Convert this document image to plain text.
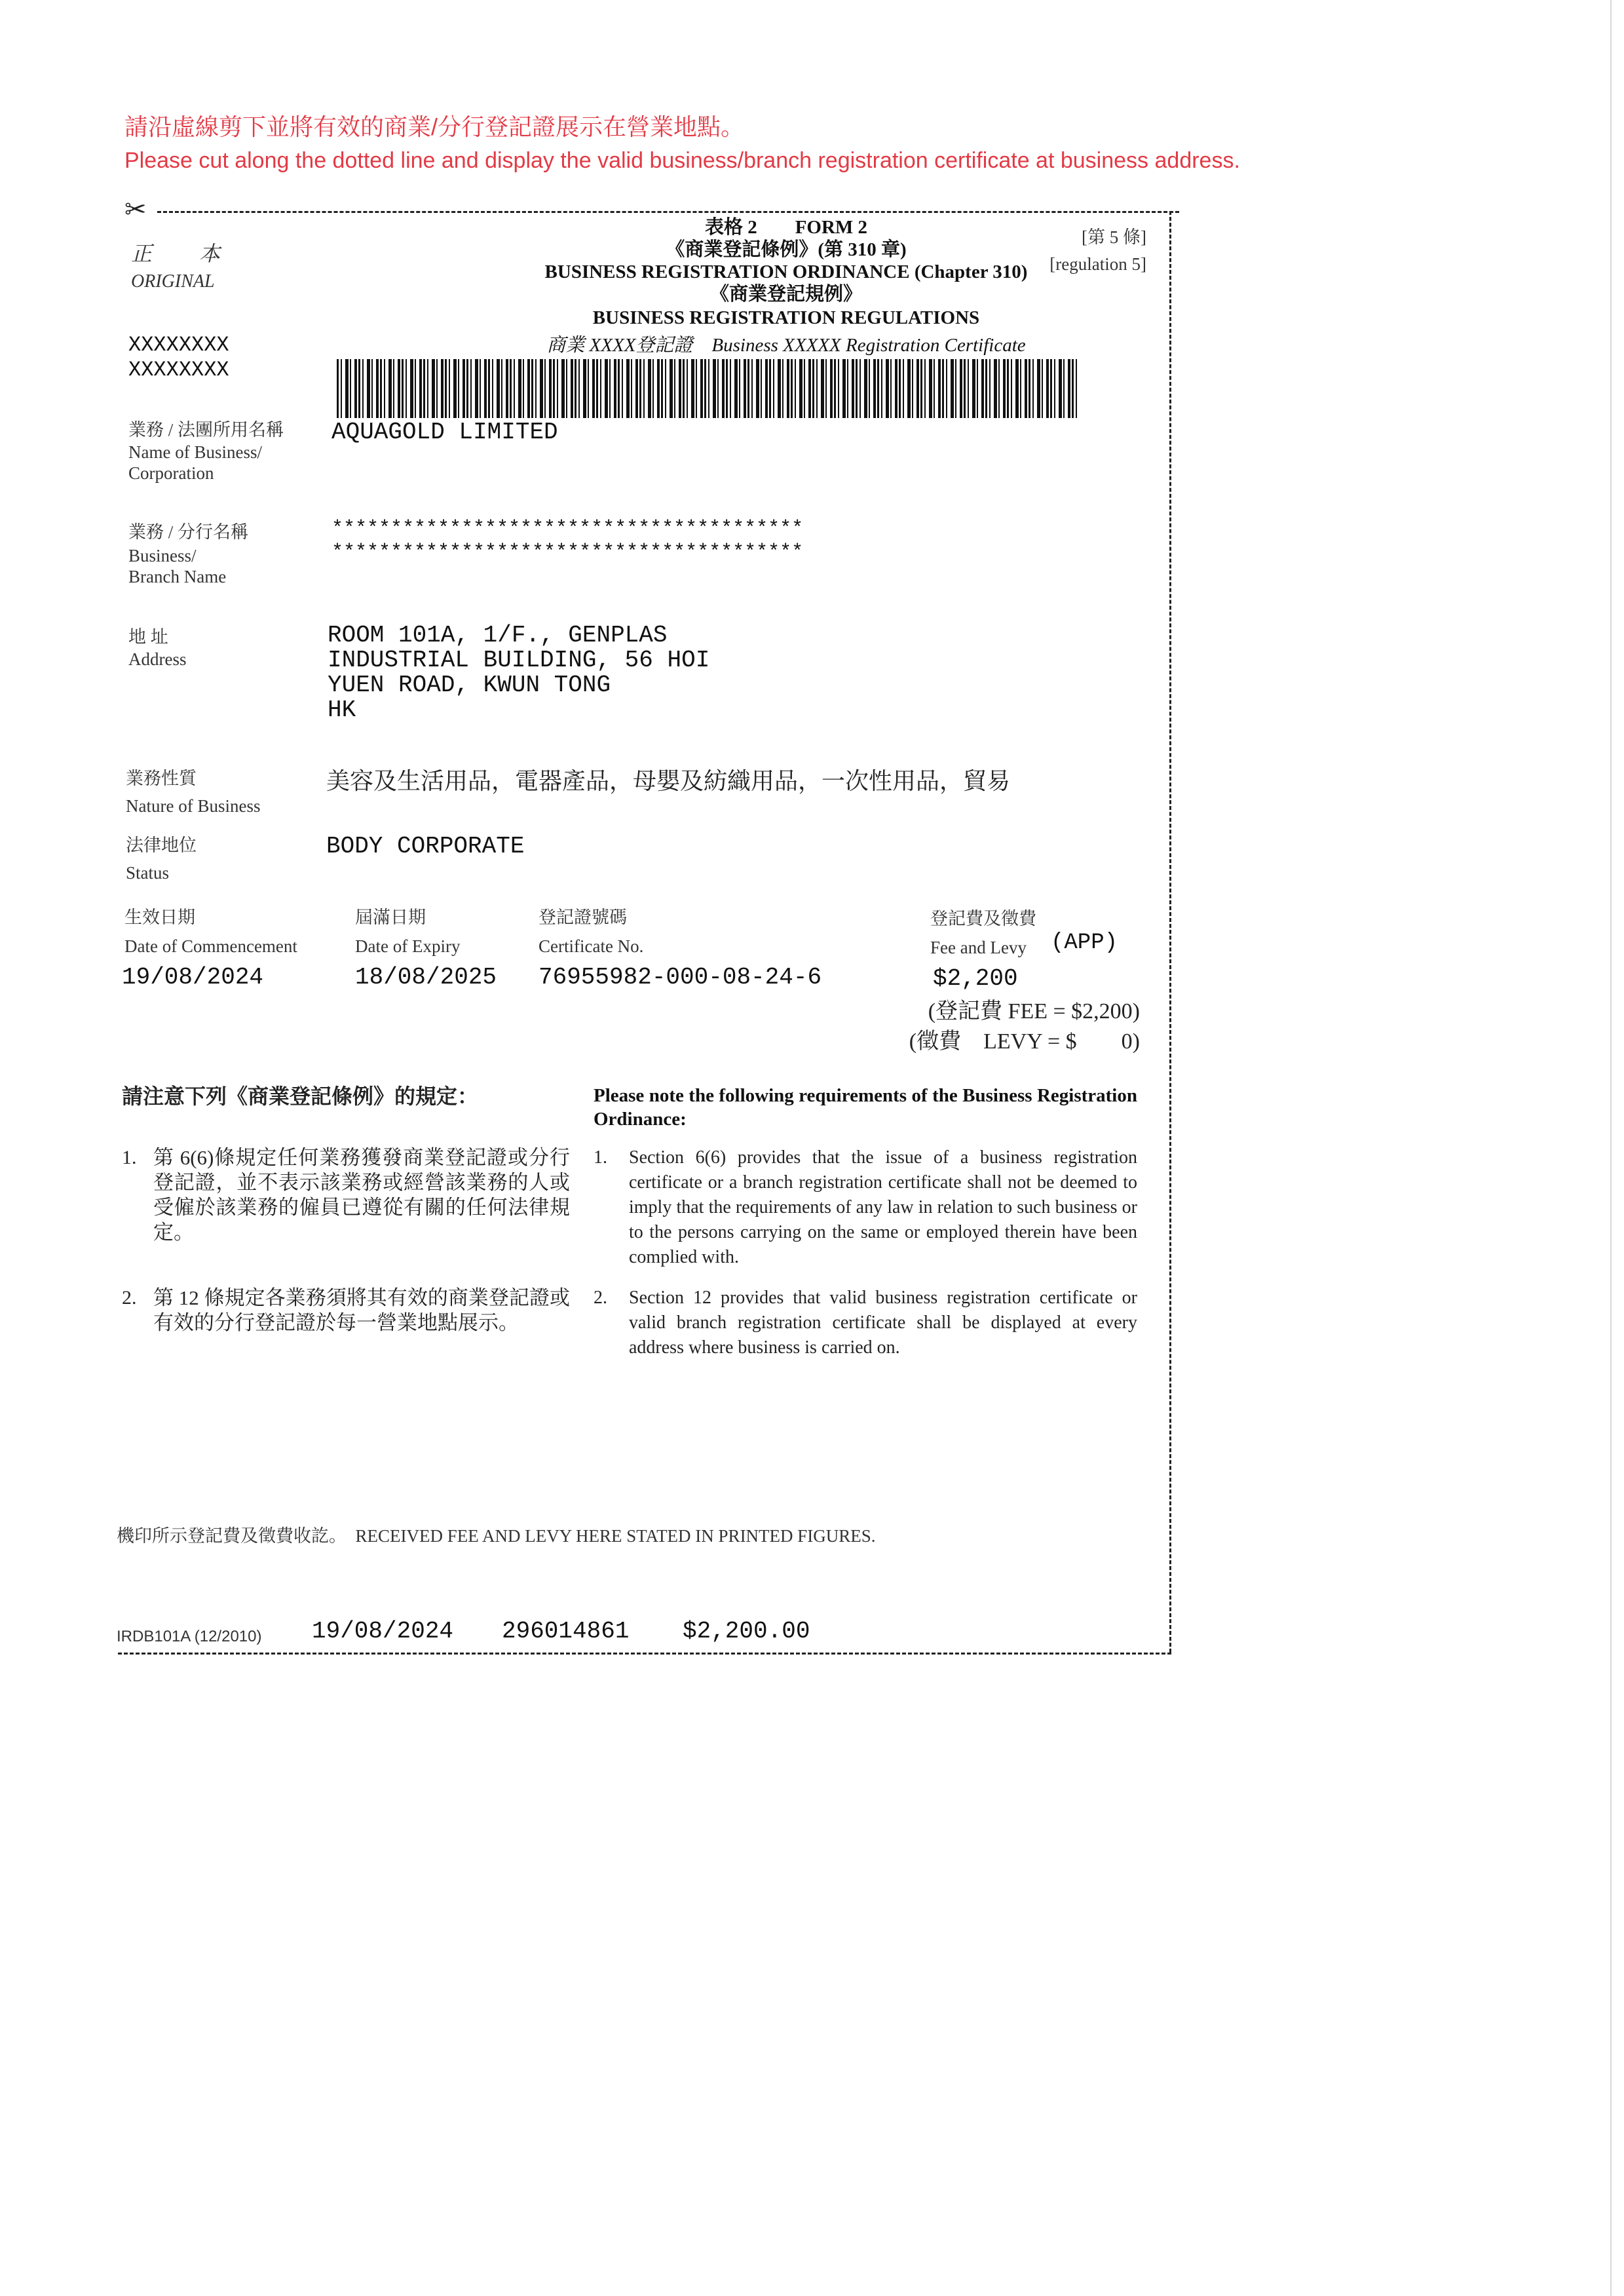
請沿虛線剪下並將有效的商業/分行登記證展示在營業地點。
Please cut along the dotted line and display the valid business/branch registration certificate at business address.
✂
正　本
ORIGINAL
XXXXXXXX
XXXXXXXX
表格 2　　FORM 2
《商業登記條例》(第 310 章)
BUSINESS REGISTRATION ORDINANCE (Chapter 310)
《商業登記規例》
BUSINESS REGISTRATION REGULATIONS
商業 XXXX登記證　Business XXXXX Registration Certificate
[第 5 條]
[regulation 5]
業務 / 法團所用名稱
Name of Business/
Corporation
AQUAGOLD LIMITED
業務 / 分行名稱
Business/
Branch Name
****************************************
****************************************
地 址
Address
ROOM 101A, 1/F., GENPLAS
INDUSTRIAL BUILDING, 56 HOI
YUEN ROAD, KWUN TONG
HK
業務性質
Nature of Business
美容及生活用品，電器產品，母嬰及紡織用品，一次性用品，貿易
法律地位
Status
BODY CORPORATE
生效日期
Date of Commencement
19/08/2024
屆滿日期
Date of Expiry
18/08/2025
登記證號碼
Certificate No.
76955982-000-08-24-6
登記費及徵費
Fee and Levy (APP)
$2,200
(登記費 FEE = $2,200)
(徵費　LEVY = $　　0)
請注意下列《商業登記條例》的規定：
1. 第 6(6)條規定任何業務獲發商業登記證或分行登記證，並不表示該業務或經營該業務的人或受僱於該業務的僱員已遵從有關的任何法律規定。
2. 第 12 條規定各業務須將其有效的商業登記證或有效的分行登記證於每一營業地點展示。
Please note the following requirements of the Business Registration Ordinance:
1. Section 6(6) provides that the issue of a business registration certificate or a branch registration certificate shall not be deemed to imply that the requirements of any law in relation to such business or to the persons carrying on the same or employed therein have been complied with.
2. Section 12 provides that valid business registration certificate or valid branch registration certificate shall be displayed at every address where business is carried on.
機印所示登記費及徵費收訖。　RECEIVED FEE AND LEVY HERE STATED IN PRINTED FIGURES.
IRDB101A (12/2010) 19/08/2024 296014861 $2,200.00
